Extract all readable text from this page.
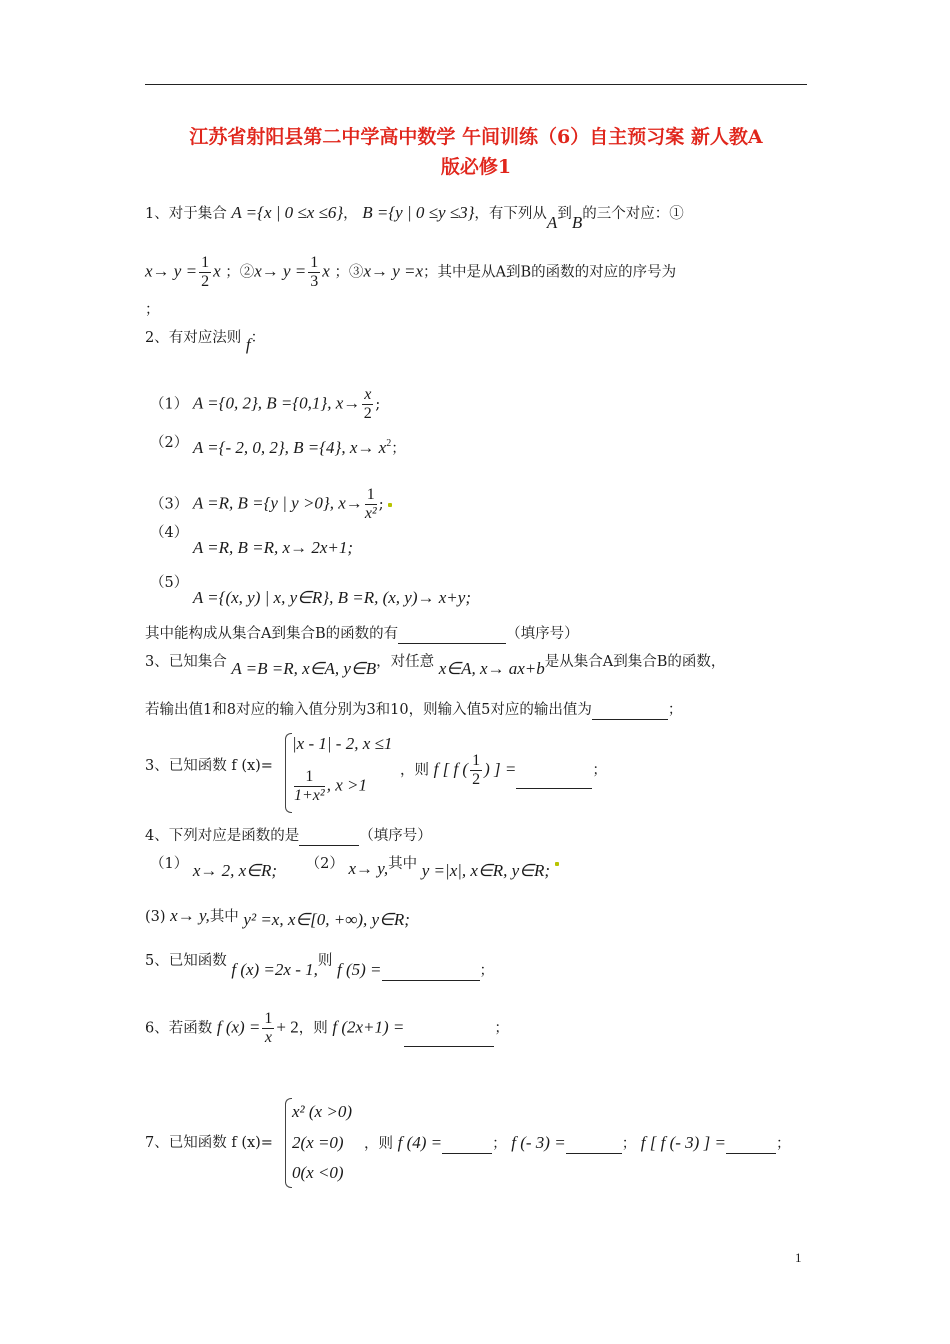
江苏省射阳县第二中学高中数学 午间训练（6）自主预习案 新人教A
版必修1
1、对于集合 A ={x | 0 ≤x ≤6}， B ={y | 0 ≤y ≤3}，有下列从A到B的三个对应：①
$x\to y = \frac{1}{2}$ x ；②x→ $y = \frac{1}{3}$ x ；③x→ y =x；其中是从A到B的函数的对应的序号为
；
2、有对应法则 f：
（1） A ={0, 2}, B ={0,1}, $x\to \frac{x}{2}$ ;
（2） A ={- 2, 0, 2}, B ={4}, $x\to x^2$；
（3） A =R, B ={y | y >0}, $x\to \frac{1}{\text{x²}}$ ;
（4） A =R, B =R, x→ 2x+1;
（5） A ={(x, y) | x, y∈R}, B =R, (x, y)→ x+y;
其中能构成从集合A到集合B的函数的有	（填序号）
3、已知集合 A =B =R, x∈A, y∈B，对任意 x∈A, x→ ax+b是从集合A到集合B的函数，
若输出值1和8对应的输入值分别为3和10，则输入值5对应的输出值为	；
3、已知函数 f (x)=
|x - 1| - 2, x ≤1
$\frac{1}{\text{1+x²}}$ , x >1
，则 f [ f ( $\frac{1}{2}$ ) ] =	；
4、下列对应是函数的是	（填序号）
（1） x→ 2, x∈R; （2） x→ y,其中 y =|x|, x∈R, y∈R;
(3) x→ y,其中 y² =x, x∈[0, +∞), y∈R;
5、已知函数 f (x) =2x - 1,则 f (5) =	；
6、若函数 f $(x) = \frac{1}{x} + 2$，则 f (2x+1) =	；
7、已知函数 f (x)=
x² (x >0)
2(x =0)
0(x <0)
，则 f (4) =	； f (- 3) =	； f [ f (- 3) ] =	；
1
